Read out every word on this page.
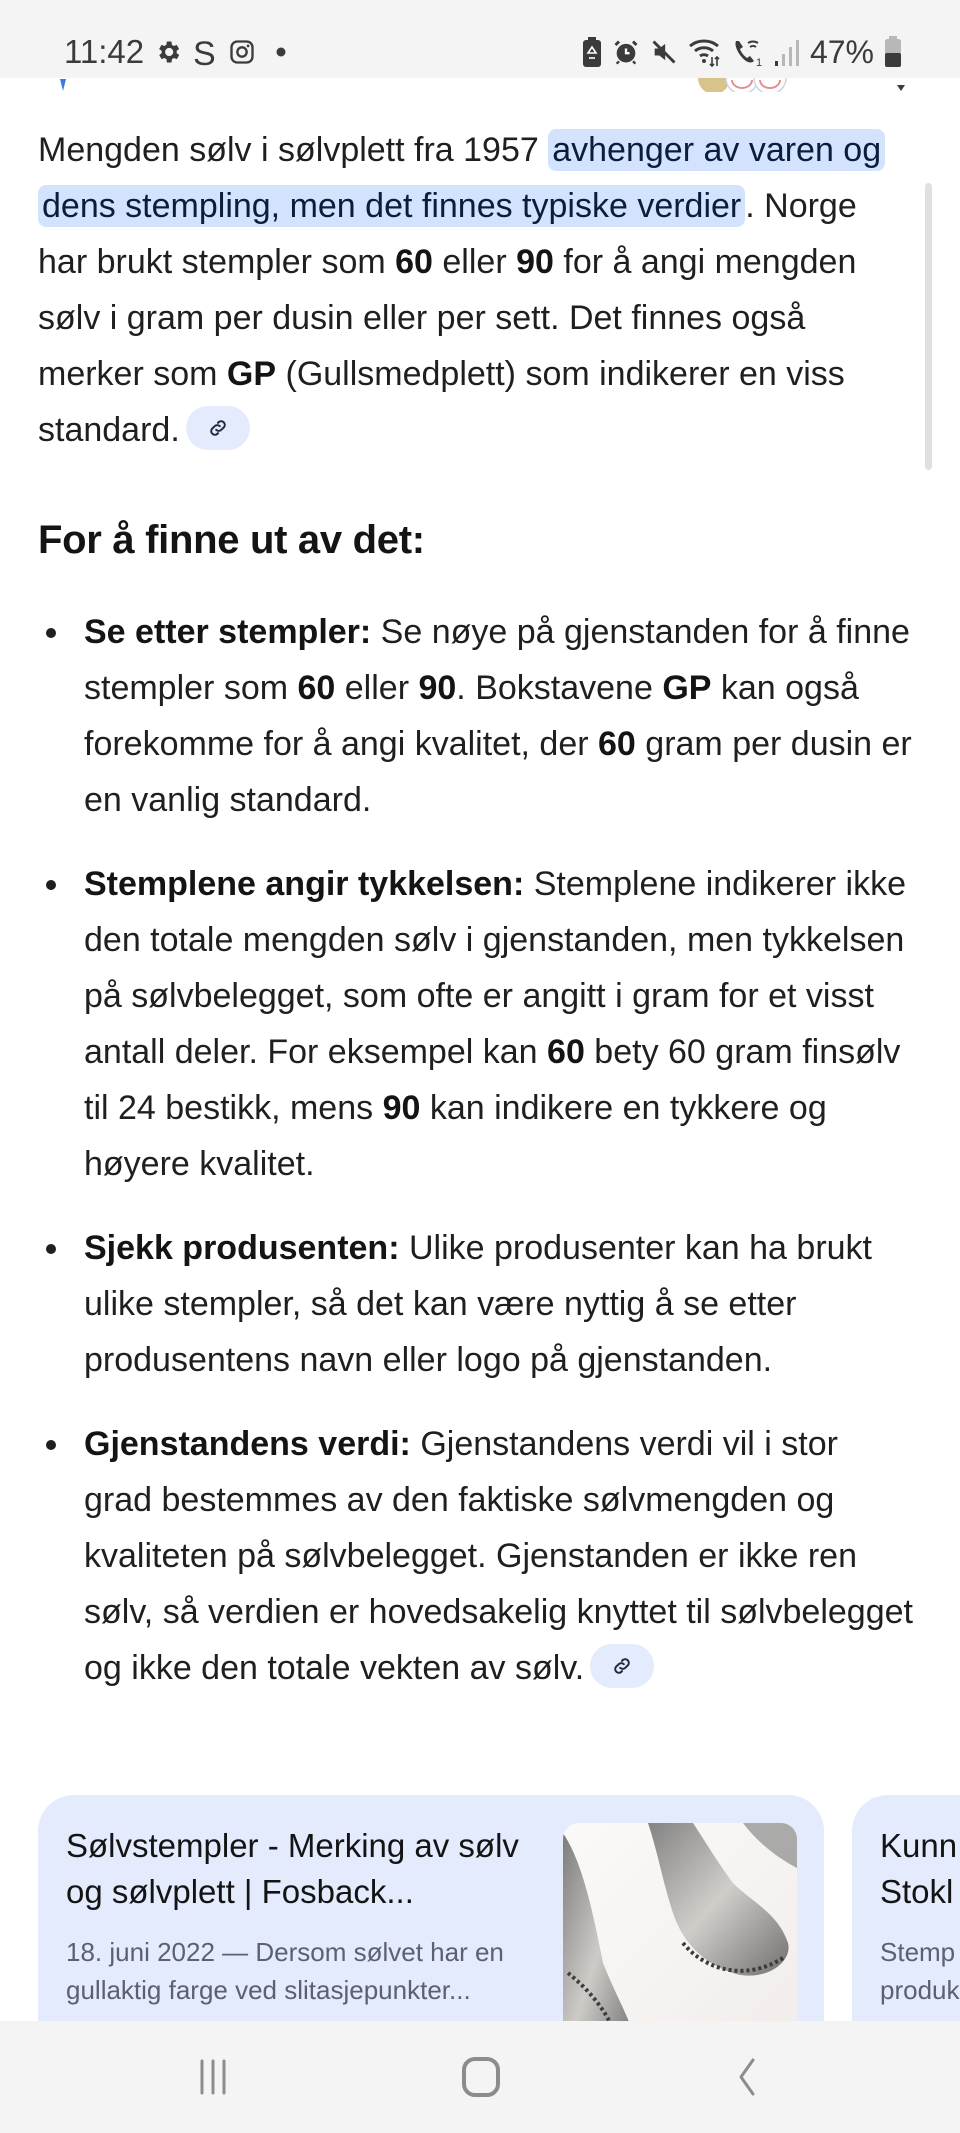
11:42 S	1 47%

Mengden sølv i sølvplett fra 1957 avhenger av varen og dens stempling, men det finnes typiske verdier . Norge har brukt stempler som 60 eller 90 for å angi mengden sølv i gram per dusin eller per sett. Det finnes også merker som GP (Gullsmedplett) som indikerer en viss standard.

For å finne ut av det:
Se etter stempler: Se nøye på gjenstanden for å finne stempler som 60 eller 90. Bokstavene GP kan også forekomme for å angi kvalitet, der 60 gram per dusin er en vanlig standard.
Stemplene angir tykkelsen: Stemplene indikerer ikke den totale mengden sølv i gjenstanden, men tykkelsen på sølvbelegget, som ofte er angitt i gram for et visst antall deler. For eksempel kan 60 bety 60 gram finsølv til 24 bestikk, mens 90 kan indikere en tykkere og høyere kvalitet.
Sjekk produsenten: Ulike produsenter kan ha brukt ulike stempler, så det kan være nyttig å se etter produsentens navn eller logo på gjenstanden.
Gjenstandens verdi: Gjenstandens verdi vil i stor grad bestemmes av den faktiske sølvmengden og kvaliteten på sølvbelegget. Gjenstanden er ikke ren sølv, så verdien er hovedsakelig knyttet til sølvbelegget og ikke den totale vekten av sølv.
Sølvstempler - Merking av sølv og sølvplett | Fosback...
18. juni 2022 — Dersom sølvet har en gullaktig farge ved slitasjepunkter...
Kunn
Stokl
Stemp
produk
